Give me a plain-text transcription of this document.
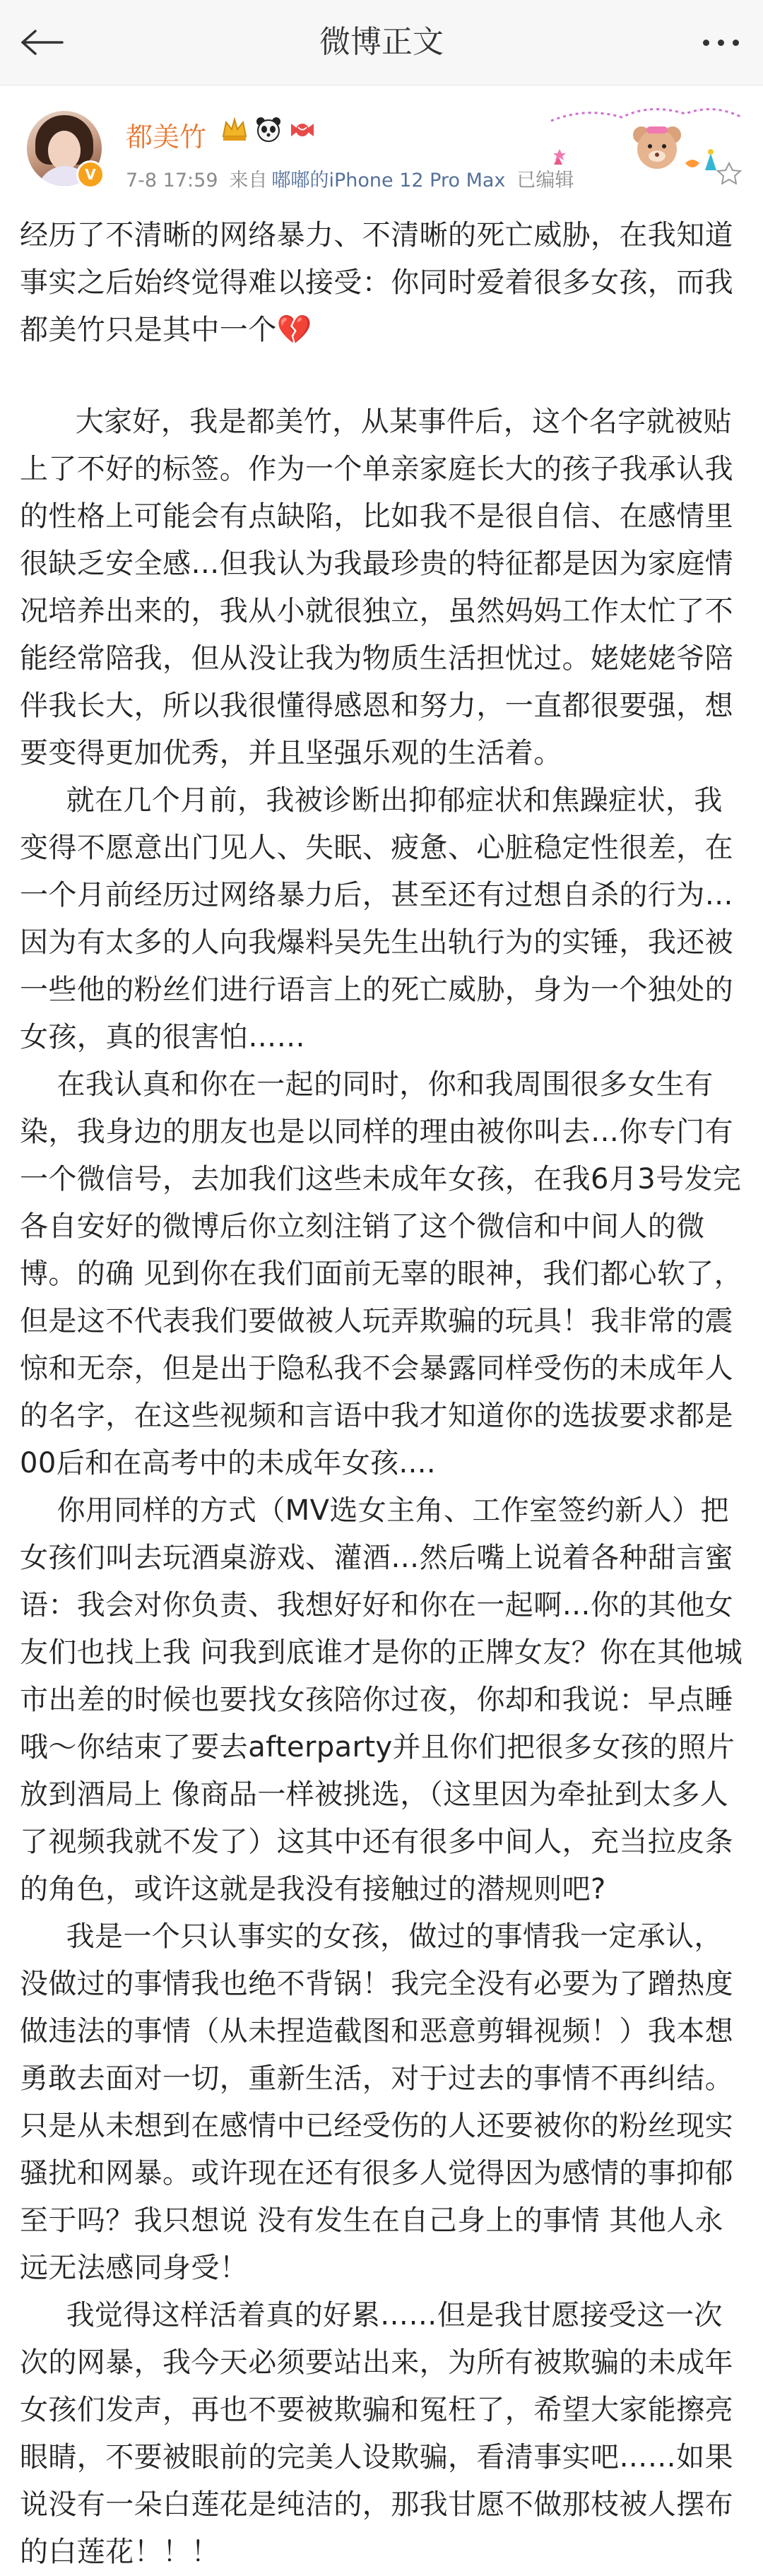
微博正文
V
都美竹
7-8 17:59 来自 嘟嘟的iPhone 12 Pro Max 已编辑

经历了不清晰的网络暴力、不清晰的死亡威胁，在我知道事实之后始终觉得难以接受：你同时爱着很多女孩，而我都美竹只是其中一个💔

大家好，我是都美竹，从某事件后，这个名字就被贴上了不好的标签。作为一个单亲家庭长大的孩子我承认我的性格上可能会有点缺陷，比如我不是很自信、在感情里很缺乏安全感…但我认为我最珍贵的特征都是因为家庭情况培养出来的，我从小就很独立，虽然妈妈工作太忙了不能经常陪我，但从没让我为物质生活担忧过。姥姥姥爷陪伴我长大，所以我很懂得感恩和努力，一直都很要强，想要变得更加优秀，并且坚强乐观的生活着。

就在几个月前，我被诊断出抑郁症状和焦躁症状，我变得不愿意出门见人、失眠、疲惫、心脏稳定性很差，在一个月前经历过网络暴力后，甚至还有过想自杀的行为…因为有太多的人向我爆料吴先生出轨行为的实锤，我还被一些他的粉丝们进行语言上的死亡威胁，身为一个独处的女孩，真的很害怕……

在我认真和你在一起的同时，你和我周围很多女生有染，我身边的朋友也是以同样的理由被你叫去…你专门有一个微信号，去加我们这些未成年女孩，在我6月3号发完各自安好的微博后你立刻注销了这个微信和中间人的微博。的确 见到你在我们面前无辜的眼神，我们都心软了，但是这不代表我们要做被人玩弄欺骗的玩具！我非常的震惊和无奈，但是出于隐私我不会暴露同样受伤的未成年人的名字，在这些视频和言语中我才知道你的选拔要求都是00后和在高考中的未成年女孩....

你用同样的方式（MV选女主角、工作室签约新人）把女孩们叫去玩酒桌游戏、灌酒…然后嘴上说着各种甜言蜜语：我会对你负责、我想好好和你在一起啊…你的其他女友们也找上我 问我到底谁才是你的正牌女友？你在其他城市出差的时候也要找女孩陪你过夜，你却和我说：早点睡哦～你结束了要去afterparty并且你们把很多女孩的照片放到酒局上 像商品一样被挑选，（这里因为牵扯到太多人了视频我就不发了）这其中还有很多中间人，充当拉皮条的角色，或许这就是我没有接触过的潜规则吧?

我是一个只认事实的女孩，做过的事情我一定承认，没做过的事情我也绝不背锅！我完全没有必要为了蹭热度做违法的事情（从未捏造截图和恶意剪辑视频！）我本想勇敢去面对一切，重新生活，对于过去的事情不再纠结。只是从未想到在感情中已经受伤的人还要被你的粉丝现实骚扰和网暴。或许现在还有很多人觉得因为感情的事抑郁 至于吗？我只想说 没有发生在自己身上的事情 其他人永远无法感同身受！

我觉得这样活着真的好累……但是我甘愿接受这一次次的网暴，我今天必须要站出来，为所有被欺骗的未成年女孩们发声，再也不要被欺骗和冤枉了，希望大家能擦亮眼睛，不要被眼前的完美人设欺骗，看清事实吧……如果说没有一朵白莲花是纯洁的，那我甘愿不做那枝被人摆布的白莲花！！！
